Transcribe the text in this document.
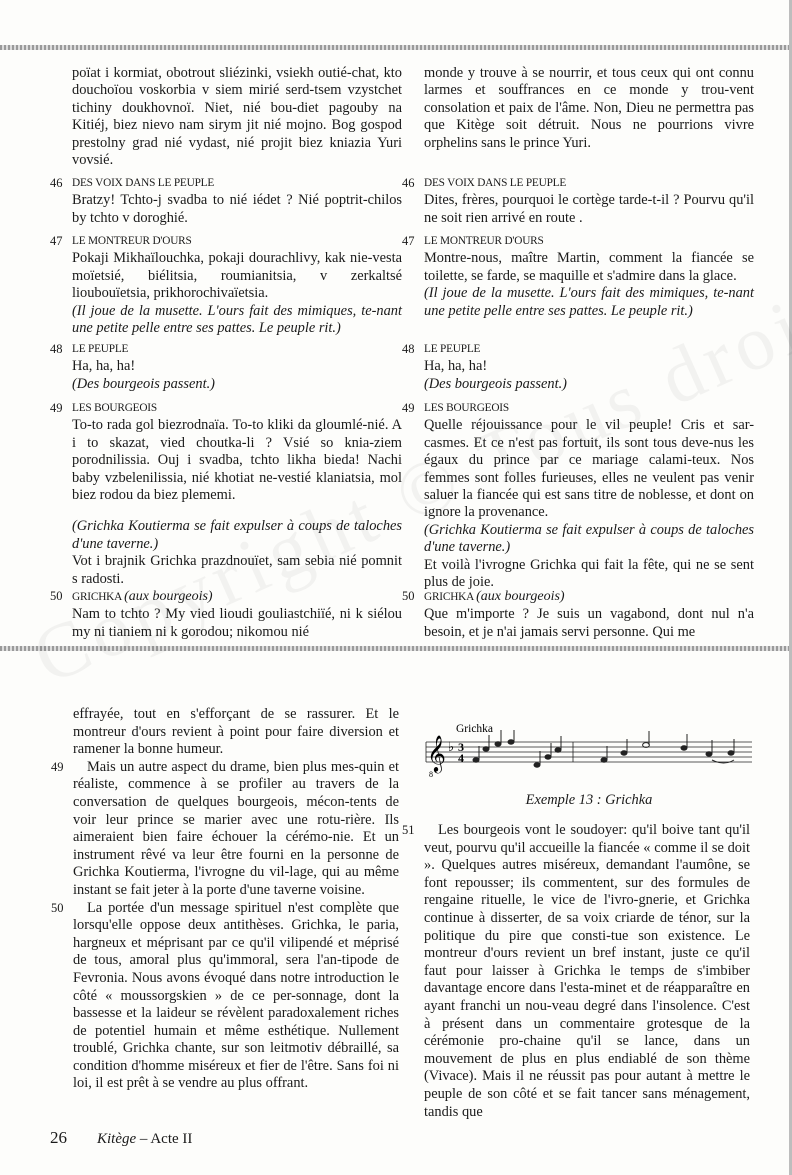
poïat i kormiat, obotrout sliézinki, vsiekh outié-chat, kto douchoïou voskorbia v siem mirié serd-tsem vzystchet tichiny doukhovnoï. Niet, nié bou-diet pagouby na Kitiéj, biez nievo nam sirym jit nié mojno. Bog gospod prestolny grad nié vydast, nié projit biez kniazia Yuri vovsié.

46 DES VOIX DANS LE PEUPLE

Bratzy! Tchto-j svadba to nié iédet ? Nié poptrit-chilos by tchto v doroghié.

47 LE MONTREUR D'OURS

Pokaji Mikhaïlouchka, pokaji dourachlivy, kak nie-vesta moïetsié, biélitsia, roumianitsia, v zerkaltsé lioubouïetsia, prikhorochivaïetsia.

(Il joue de la musette. L'ours fait des mimiques, te-nant une petite pelle entre ses pattes. Le peuple rit.)

48 LE PEUPLE

Ha, ha, ha!

(Des bourgeois passent.)

49 LES BOURGEOIS

To-to rada gol biezrodnaïa. To-to kliki da gloumlé-nié. A i to skazat, vied choutka-li ? Vsié so knia-ziem porodnilissia. Ouj i svadba, tchto likha bieda! Nachi baby vzbelenilissia, nié khotiat ne-vestié klaniatsia, mol biez rodou da biez plememi.

(Grichka Koutierma se fait expulser à coups de taloches d'une taverne.)

Vot i brajnik Grichka prazdnouïet, sam sebia nié pomnit s radosti.

50 GRICHKA (aux bourgeois)

Nam to tchto ? My vied lioudi gouliastchiïé, ni k siélou my ni tianiem ni k gorodou; nikomou nié

monde y trouve à se nourrir, et tous ceux qui ont connu larmes et souffrances en ce monde y trou-vent consolation et paix de l'âme. Non, Dieu ne permettra pas que Kitège soit détruit. Nous ne pourrions vivre orphelins sans le prince Yuri.

46 DES VOIX DANS LE PEUPLE

Dites, frères, pourquoi le cortège tarde-t-il ? Pourvu qu'il ne soit rien arrivé en route .

47 LE MONTREUR D'OURS

Montre-nous, maître Martin, comment la fiancée se toilette, se farde, se maquille et s'admire dans la glace.

(Il joue de la musette. L'ours fait des mimiques, te-nant une petite pelle entre ses pattes. Le peuple rit.)

48 LE PEUPLE

Ha, ha, ha!

(Des bourgeois passent.)

49 LES BOURGEOIS

Quelle réjouissance pour le vil peuple! Cris et sar-casmes. Et ce n'est pas fortuit, ils sont tous deve-nus les égaux du prince par ce mariage calami-teux. Nos femmes sont folles furieuses, elles ne veulent pas venir saluer la fiancée qui est sans titre de noblesse, et dont on ignore la provenance.

(Grichka Koutierma se fait expulser à coups de taloches d'une taverne.)

Et voilà l'ivrogne Grichka qui fait la fête, qui ne se sent plus de joie.

50 GRICHKA (aux bourgeois)

Que m'importe ? Je suis un vagabond, dont nul n'a besoin, et je n'ai jamais servi personne. Qui me

effrayée, tout en s'efforçant de se rassurer. Et le montreur d'ours revient à point pour faire diversion et ramener la bonne humeur.

49	Mais un autre aspect du drame, bien plus mes-quin et réaliste, commence à se profiler au travers de la conversation de quelques bourgeois, mécon-tents de voir leur prince se marier avec une rotu-rière. Ils aimeraient bien faire échouer la cérémo-nie. Et un instrument rêvé va leur être fourni en la personne de Grichka Koutierma, l'ivrogne du vil-lage, qui au même instant se fait jeter à la porte d'une taverne voisine.

50	La portée d'un message spirituel n'est complète que lorsqu'elle oppose deux antithèses. Grichka, le paria, hargneux et méprisant par ce qu'il vilipendé et méprisé de tous, amoral plus qu'immoral, sera l'an-tipode de Fevronia. Nous avons évoqué dans notre introduction le côté « moussorgskien » de ce per-sonnage, dont la bassesse et la laideur se révèlent paradoxalement riches de potentiel humain et même esthétique. Nullement troublé, Grichka chante, sur son leitmotiv débraillé, sa condition d'homme miséreux et fier de l'être. Sans foi ni loi, il est prêt à se vendre au plus offrant.

Grichka
𝄞
8
♭ 3
4
Exemple 13 : Grichka
51	Les bourgeois vont le soudoyer: qu'il boive tant qu'il veut, pourvu qu'il accueille la fiancée « comme il se doit ». Quelques autres miséreux, demandant l'aumône, se font repousser; ils commentent, sur des formules de rengaine rituelle, le vice de l'ivro-gnerie, et Grichka continue à disserter, de sa voix criarde de ténor, sur la politique du pire que consti-tue son existence. Le montreur d'ours revient un bref instant, juste ce qu'il faut pour laisser à Grichka le temps de s'imbiber davantage encore dans l'esta-minet et de réapparaître en ayant franchi un nou-veau degré dans l'insolence. C'est à présent dans un commentaire grotesque de la cérémonie pro-chaine qu'il se lance, dans un mouvement de plus en plus endiablé de son thème (Vivace). Mais il ne réussit pas pour autant à mettre le peuple de son côté et se fait tancer sans ménagement, tandis que

26 Kitège – Acte II
